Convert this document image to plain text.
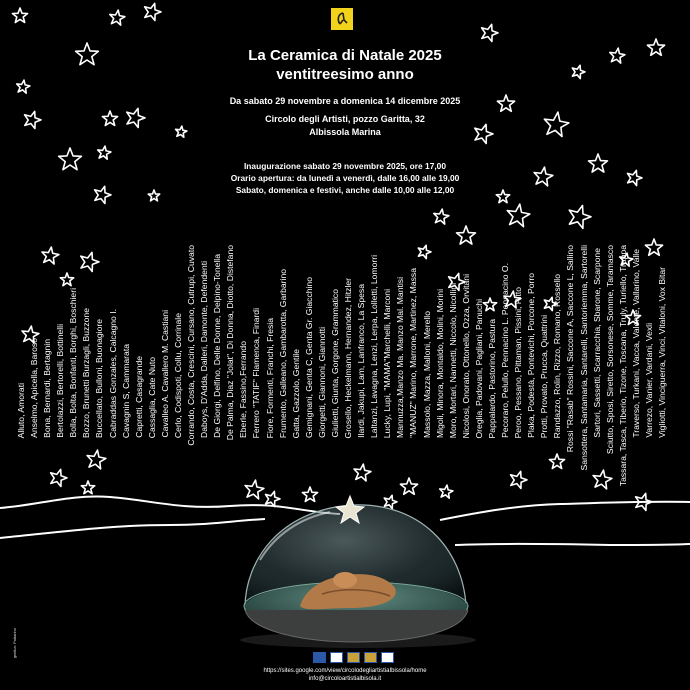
La Ceramica di Natale 2025
ventitreesimo anno
Da sabato 29 novembre a domenica 14 dicembre 2025
Circolo degli Artisti, pozzo Garitta, 32
Albissola Marina
Inaugurazione sabato 29 novembre 2025, ore 17,00
Orario apertura: da lunedì a venerdì, dalle 16,00 alle 19,00
Sabato, domenica e festivi, anche dalle 10,00 alle 12,00
Alluto, Amorati Anselmo, Apicella, Baroso Bona, Bernardi, Bertagnin Bertolazzi, Bertorelli, Bottinelli Bolla, Bolta, Bonfanti, Borghi, Boschieri Bozzo, Brunetti Burzagli, Buzzone Buccellato, Bulloni, Buonagiore Cabraddas Gonzales, Calcagno I. Cavagnin S, Cammarata Capretti, Casagrande Cassaglia, Cate Nuto Cavalleo A. Cavallero M. Castiani Cerlo, Codispoti, Collu, Corrinale Corrando, Costa, Crescini, Cursano, Cutrupi, Cuvato Daboys, D'Adda, Dalleri, Damonte, Defendenti De Giorgi, Delfino, Delle Donne, Delpino-Tonella De Palma, Diaz "Jolat", Di Donna, Diotto, Distefano Eberle, Fassino,Ferrando Ferrero "TATIF" Flamenca, Finardi Fiore, Formenti, Franchi, Fresia Frumento, Galleano, Gambarotta, Garbarino Gatta, Gazzolo, Gentile Gemignani, Genta C, Genta Gr. Giacchino Giorgetti, Giannoni, Giannotti Giulietti, Giunta, Gorgone, Grammatico Grosello, Heckelmann, Hernandez, Hitzler Ilardi, Jakupi, Lam, Lanfranco, La Spesa Laltanzi, Lavagna, Lenzi, Lerpa, Lolletti, Lomorri Lucky, Lupi, "MAMA"Marchelli, Marconi Mannuzza,Manzo Ma. Manzo Mal. Mantisi "MANUZ" Marino, Marrone, Martinez, Massa Massolo, Mazza, Malloni, Merello Migoli, Minora, Montaldo, Molini, Morini Moro, Mortari, Nannetti, Niccolo, Nicollini Nicolosi, Onorato, Ottonello, Ozza, Orvitani Oreglia, Padovani, Pagliani, Panuchi Pappalardo, Pastorino, Pastura Pecoraro, Pelullo, Pennacino L. Pennacino O. Peroo, Pessano, Pittaman, Pissini, Pitto Plaka, Podestà, Pontevichi, Porcone, Porro Protti, Provato, Prucca, Quattrini Randazzo, Rolin, Rizzo, Romano, Rossello Rossi "Rasab" Rossini, Saccone A, Saccone L, Sallino Sansottera, Santamaria, Santarelli, Santoriemma, Sartorelli Sartori, Sassetti, Scarracchia, Sbarone, Scarpone Sciutto, Sposi, Siretto, Sorsonese, Somme, Taramasco Tassara, Tasca, Tiberio, Tizone, Toscana, Truly, Turiello, Trappa Traverso, Turkani, Vacca, Valente, Vallarino, Valle Varrezo, Vanier, Vardani, Vexli Vigliotti, Vinciguerra, Vinci, Vitaloni, Vox Bitar
https://sites.google.com/view/circolodegliartistiaIbissola/home
info@circoloartistialbisola.it
grafica: Pattarino
